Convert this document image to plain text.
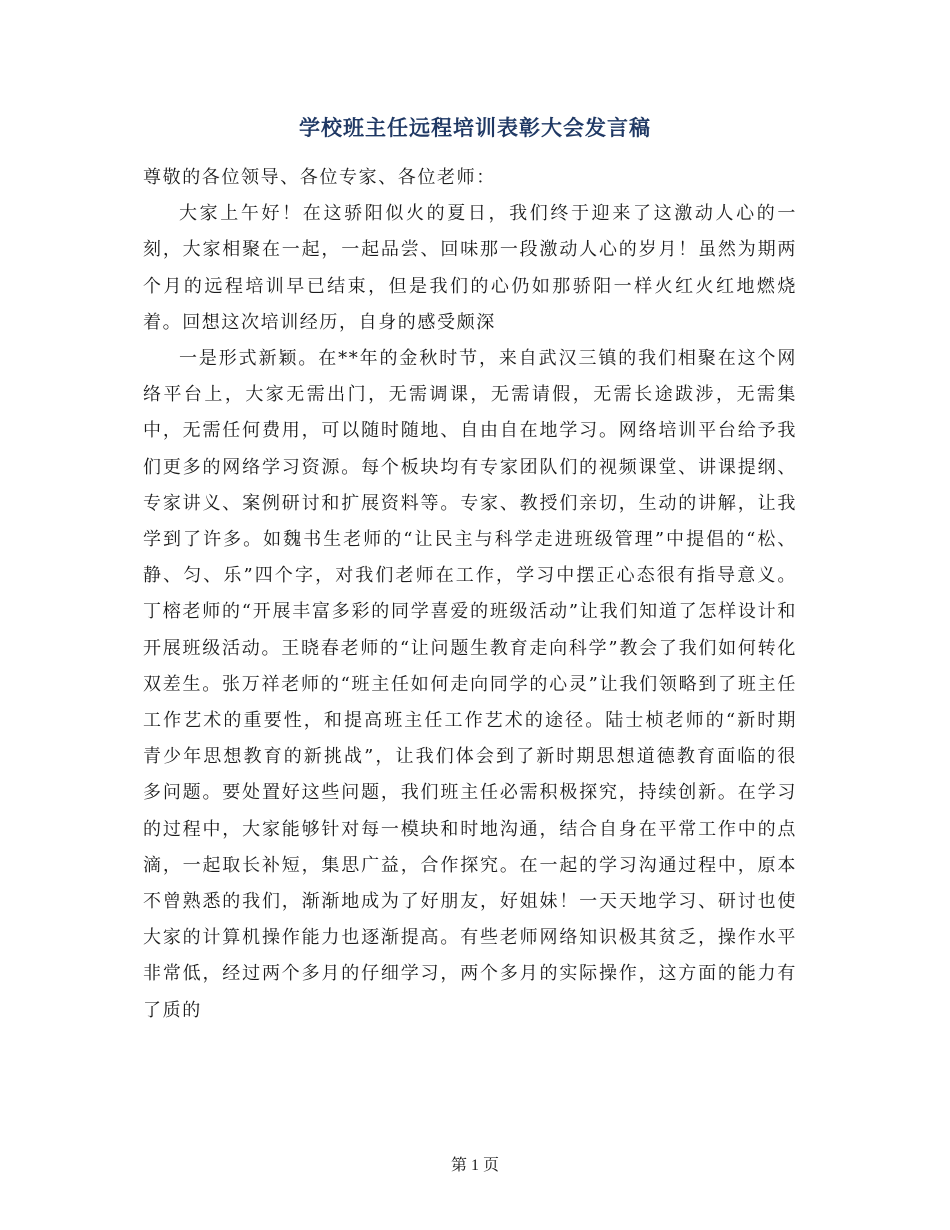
学校班主任远程培训表彰大会发言稿

尊敬的各位领导、各位专家、各位老师：

大家上午好！在这骄阳似火的夏日，我们终于迎来了这激动人心的一刻，大家相聚在一起，一起品尝、回味那一段激动人心的岁月！虽然为期两个月的远程培训早已结束，但是我们的心仍如那骄阳一样火红火红地燃烧着。回想这次培训经历，自身的感受颇深

一是形式新颖。在**年的金秋时节，来自武汉三镇的我们相聚在这个网络平台上，大家无需出门，无需调课，无需请假，无需长途跋涉，无需集中，无需任何费用，可以随时随地、自由自在地学习。网络培训平台给予我们更多的网络学习资源。每个板块均有专家团队们的视频课堂、讲课提纲、专家讲义、案例研讨和扩展资料等。专家、教授们亲切，生动的讲解，让我学到了许多。如魏书生老师的“让民主与科学走进班级管理”中提倡的“松、静、匀、乐”四个字，对我们老师在工作，学习中摆正心态很有指导意义。丁榕老师的“开展丰富多彩的同学喜爱的班级活动”让我们知道了怎样设计和开展班级活动。王晓春老师的“让问题生教育走向科学”教会了我们如何转化双差生。张万祥老师的“班主任如何走向同学的心灵”让我们领略到了班主任工作艺术的重要性，和提高班主任工作艺术的途径。陆士桢老师的“新时期青少年思想教育的新挑战”，让我们体会到了新时期思想道德教育面临的很多问题。要处置好这些问题，我们班主任必需积极探究，持续创新。在学习的过程中，大家能够针对每一模块和时地沟通，结合自身在平常工作中的点滴，一起取长补短，集思广益，合作探究。在一起的学习沟通过程中，原本不曾熟悉的我们，渐渐地成为了好朋友，好姐妹！一天天地学习、研讨也使大家的计算机操作能力也逐渐提高。有些老师网络知识极其贫乏，操作水平非常低，经过两个多月的仔细学习，两个多月的实际操作，这方面的能力有了质的

第 1 页
